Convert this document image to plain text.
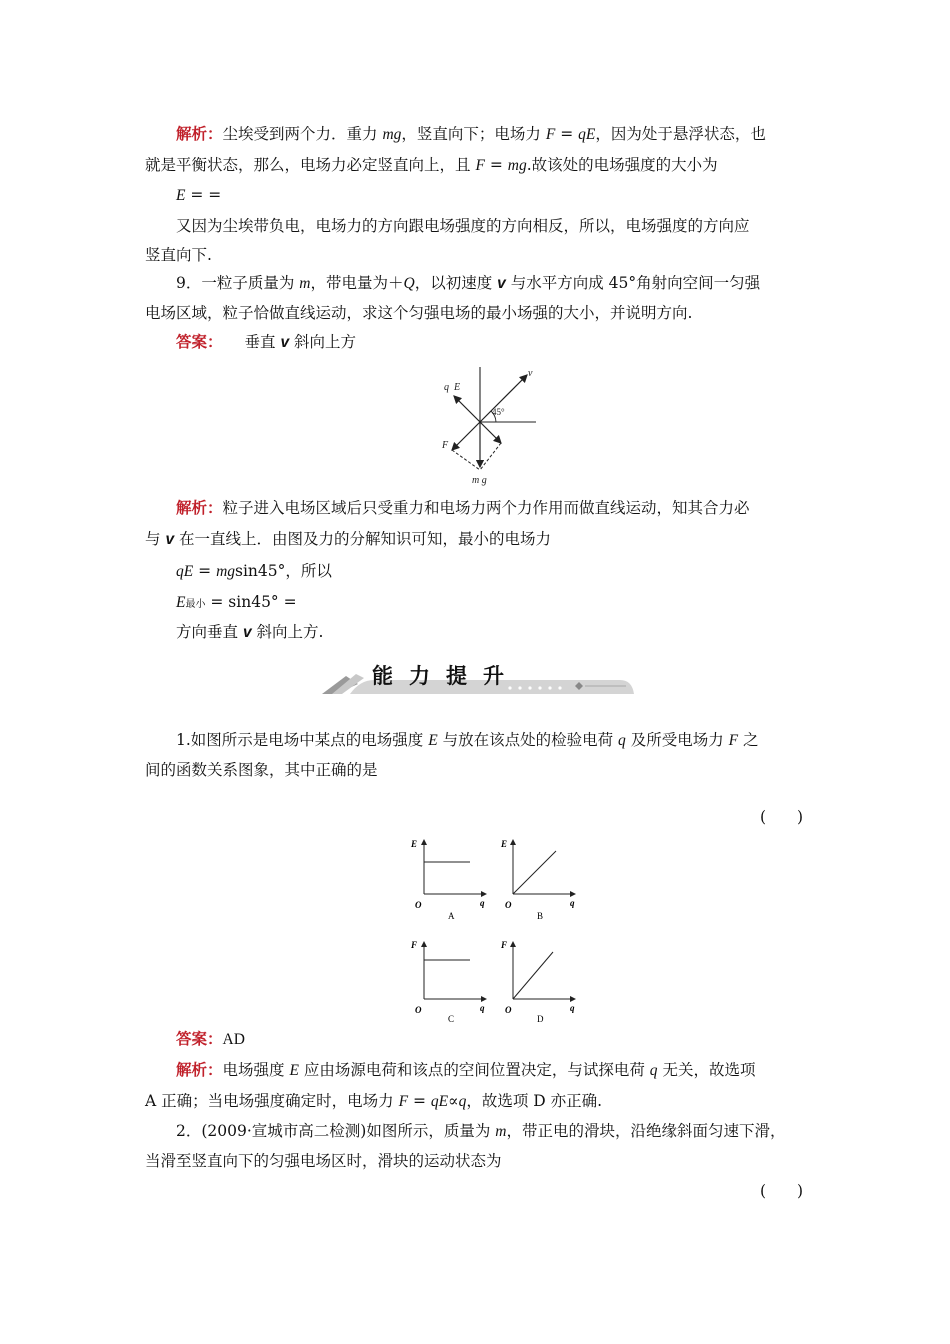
解析：尘埃受到两个力．重力 mg，竖直向下；电场力 F = qE，因为处于悬浮状态，也
就是平衡状态，那么，电场力必定竖直向上，且 F = mg.故该处的电场强度的大小为
E = =
又因为尘埃带负电，电场力的方向跟电场强度的方向相反，所以，电场强度的方向应
竖直向下.
9．一粒子质量为 m，带电量为＋Q，以初速度 v 与水平方向成 45°角射向空间一匀强
电场区域，粒子恰做直线运动，求这个匀强电场的最小场强的大小，并说明方向.
答案： 垂直 v 斜向上方
q E
v
45°
F
m g
解析：粒子进入电场区域后只受重力和电场力两个力作用而做直线运动，知其合力必
与 v 在一直线上．由图及力的分解知识可知，最小的电场力
qE = mgsin45°，所以
E最小 = sin45° =
方向垂直 v 斜向上方.
能力提升
1.如图所示是电场中某点的电场强度 E 与放在该点处的检验电荷 q 及所受电场力 F 之
间的函数关系图象，其中正确的是
(　　)
E
O	q
A
E
O	q
B
F
O	q
C
F
O	q
D
答案：AD
解析：电场强度 E 应由场源电荷和该点的空间位置决定，与试探电荷 q 无关，故选项
A 正确；当电场强度确定时，电场力 F = qE∝q，故选项 D 亦正确.
2．(2009·宣城市高二检测)如图所示，质量为 m，带正电的滑块，沿绝缘斜面匀速下滑，
当滑至竖直向下的匀强电场区时，滑块的运动状态为
(　　)
